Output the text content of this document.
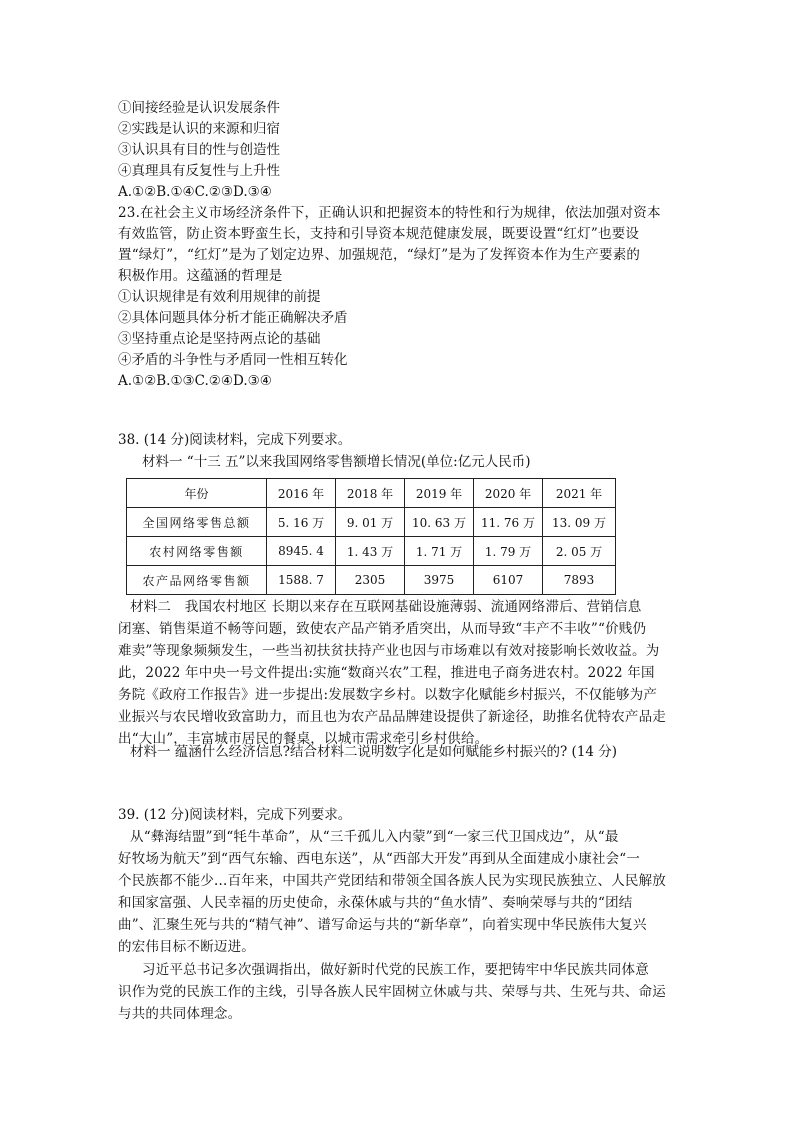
①间接经验是认识发展条件
②实践是认识的来源和归宿
③认识具有目的性与创造性
④真理具有反复性与上升性
A.①②B.①④C.②③D.③④
23.在社会主义市场经济条件下，正确认识和把握资本的特性和行为规律，依法加强对资本
有效监管，防止资本野蛮生长，支持和引导资本规范健康发展，既要设置“红灯”也要设
置“绿灯”，“红灯”是为了划定边界、加强规范，“绿灯”是为了发挥资本作为生产要素的
积极作用。这蕴涵的哲理是
①认识规律是有效利用规律的前提
②具体问题具体分析才能正确解决矛盾
③坚持重点论是坚持两点论的基础
④矛盾的斗争性与矛盾同一性相互转化
A.①②B.①③C.②④D.③④
38. (14 分)阅读材料，完成下列要求。
材料一 “十三 五”以来我国网络零售额增长情况(单位:亿元人民币)
年份	2016 年	2018 年	2019 年	2020 年	2021 年
全国网络零售总额	5. 16 万	9. 01 万	10. 63 万	11. 76 万	13. 09 万
农村网络零售额	8945. 4	1. 43 万	1. 71 万	1. 79 万	2. 05 万
农产品网络零售额	1588. 7	2305	3975	6107	7893
材料二　我国农村地区 长期以来存在互联网基础设施薄弱、流通网络滞后、营销信息
闭塞、销售渠道不畅等问题，致使农产品产销矛盾突出，从而导致“丰产不丰收”“价贱仍
难卖”等现象频频发生，一些当初扶贫扶持产业也因与市场难以有效对接影响长效收益。为
此，2022 年中央一号文件提出:实施“数商兴农”工程，推进电子商务进农村。2022 年国
务院《政府工作报告》进一步提出:发展数字乡村。以数字化赋能乡村振兴，不仅能够为产
业振兴与农民增收致富助力，而且也为农产品品牌建设提供了新途径，助推名优特农产品走
出“大山”，丰富城市居民的餐桌，以城市需求牵引乡村供给。
材料一 蕴涵什么经济信息?结合材料二说明数字化是如何赋能乡村振兴的? (14 分)
39. (12 分)阅读材料，完成下列要求。
从“彝海结盟”到“牦牛革命”，从“三千孤儿入内蒙”到“一家三代卫国戍边”，从“最
好牧场为航天”到“西气东输、西电东送”，从“西部大开发”再到从全面建成小康社会“一
个民族都不能少…百年来，中国共产党团结和带领全国各族人民为实现民族独立、人民解放
和国家富强、人民幸福的历史使命，永葆休戚与共的“鱼水情”、奏响荣辱与共的“团结
曲”、汇聚生死与共的“精气神”、谱写命运与共的“新华章”，向着实现中华民族伟大复兴
的宏伟目标不断迈进。
习近平总书记多次强调指出，做好新时代党的民族工作，要把铸牢中华民族共同体意
识作为党的民族工作的主线，引导各族人民牢固树立休戚与共、荣辱与共、生死与共、命运
与共的共同体理念。
